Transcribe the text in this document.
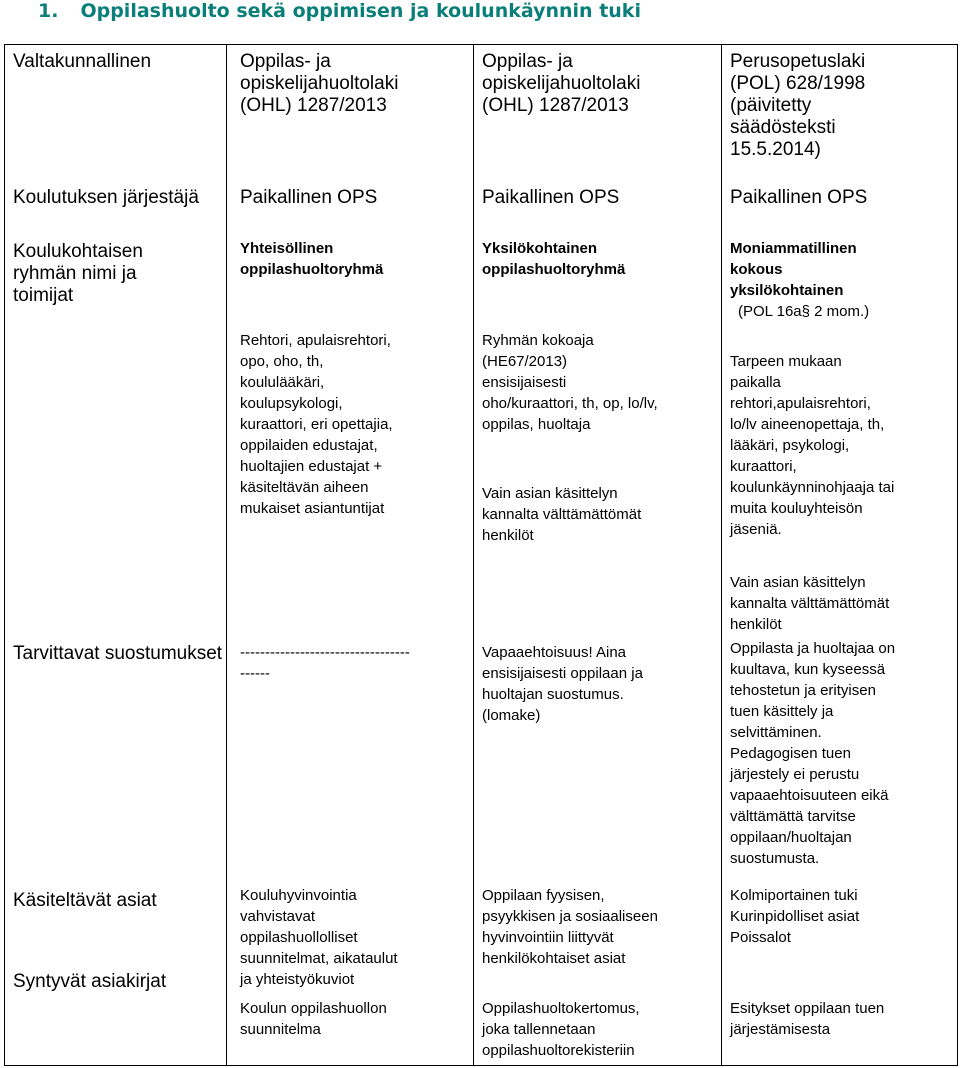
1. Oppilashuolto sekä oppimisen ja koulunkäynnin tuki
Valtakunnallinen
Koulutuksen järjestäjä
Koulukohtaisen ryhmän nimi ja toimijat
Tarvittavat suostumukset
Käsiteltävät asiat
Syntyvät asiakirjat
Oppilas- ja
opiskelijahuoltolaki
(OHL) 1287/2013
Paikallinen OPS
Yhteisöllinen
oppilashuoltoryhmä
Rehtori, apulaisrehtori,
opo, oho, th,
koululääkäri,
koulupsykologi,
kuraattori, eri opettajia,
oppilaiden edustajat,
huoltajien edustajat +
käsiteltävän aiheen
mukaiset asiantuntijat
----------------------------------
------
Kouluhyvinvointia
vahvistavat
oppilashuollolliset
suunnitelmat, aikataulut
ja yhteistyökuviot
Koulun oppilashuollon
suunnitelma
Oppilas- ja
opiskelijahuoltolaki
(OHL) 1287/2013
Paikallinen OPS
Yksilökohtainen
oppilashuoltoryhmä
Ryhmän kokoaja
(HE67/2013)
ensisijaisesti
oho/kuraattori, th, op, lo/lv,
oppilas, huoltaja
Vain asian käsittelyn
kannalta välttämättömät
henkilöt
Vapaaehtoisuus! Aina
ensisijaisesti oppilaan ja
huoltajan suostumus.
(lomake)
Oppilaan fyysisen,
psyykkisen ja sosiaaliseen
hyvinvointiin liittyvät
henkilökohtaiset asiat
Oppilashuoltokertomus,
joka tallennetaan
oppilashuoltorekisteriin
Perusopetuslaki
(POL) 628/1998
(päivitetty
säädösteksti
15.5.2014)
Paikallinen OPS
Moniammatillinen
kokous
yksilökohtainen
(POL 16a§ 2 mom.)
Tarpeen mukaan
paikalla
rehtori,apulaisrehtori,
lo/lv aineenopettaja, th,
lääkäri, psykologi,
kuraattori,
koulunkäynninohjaaja tai
muita kouluyhteisön
jäseniä.
Vain asian käsittelyn
kannalta välttämättömät
henkilöt
Oppilasta ja huoltajaa on
kuultava, kun kyseessä
tehostetun ja erityisen
tuen käsittely ja
selvittäminen.
Pedagogisen tuen
järjestely ei perustu
vapaaehtoisuuteen eikä
välttämättä tarvitse
oppilaan/huoltajan
suostumusta.
Kolmiportainen tuki
Kurinpidolliset asiat
Poissalot
Esitykset oppilaan tuen
järjestämisesta
